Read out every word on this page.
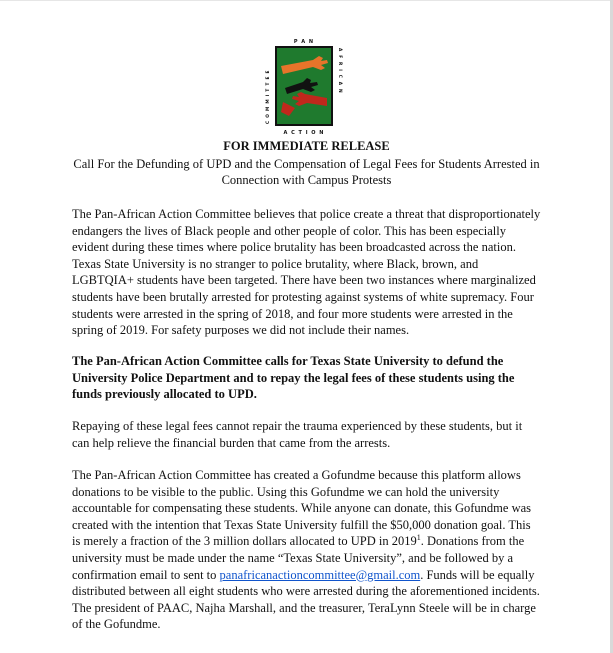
P A N
A C T I O N
C O M M I T T E E	A F R I C A N
FOR IMMEDIATE RELEASE
Call For the Defunding of UPD and the Compensation of Legal Fees for Students Arrested in Connection with Campus Protests

The Pan-African Action Committee believes that police create a threat that disproportionately endangers the lives of Black people and other people of color. This has been especially evident during these times where police brutality has been broadcasted across the nation. Texas State University is no stranger to police brutality, where Black, brown, and LGBTQIA+ students have been targeted. There have been two instances where marginalized students have been brutally arrested for protesting against systems of white supremacy. Four students were arrested in the spring of 2018, and four more students were arrested in the spring of 2019. For safety purposes we did not include their names.

The Pan-African Action Committee calls for Texas State University to defund the University Police Department and to repay the legal fees of these students using the funds previously allocated to UPD.

Repaying of these legal fees cannot repair the trauma experienced by these students, but it can help relieve the financial burden that came from the arrests.

The Pan-African Action Committee has created a Gofundme because this platform allows donations to be visible to the public. Using this Gofundme we can hold the university accountable for compensating these students. While anyone can donate, this Gofundme was created with the intention that Texas State University fulfill the $50,000 donation goal. This is merely a fraction of the 3 million dollars allocated to UPD in 2019$^1$. Donations from the university must be made under the name “Texas State University”, and be followed by a confirmation email to sent to panafricanactioncommittee@gmail.com. Funds will be equally distributed between all eight students who were arrested during the aforementioned incidents. The president of PAAC, Najha Marshall, and the treasurer, TeraLynn Steele will be in charge of the Gofundme.
